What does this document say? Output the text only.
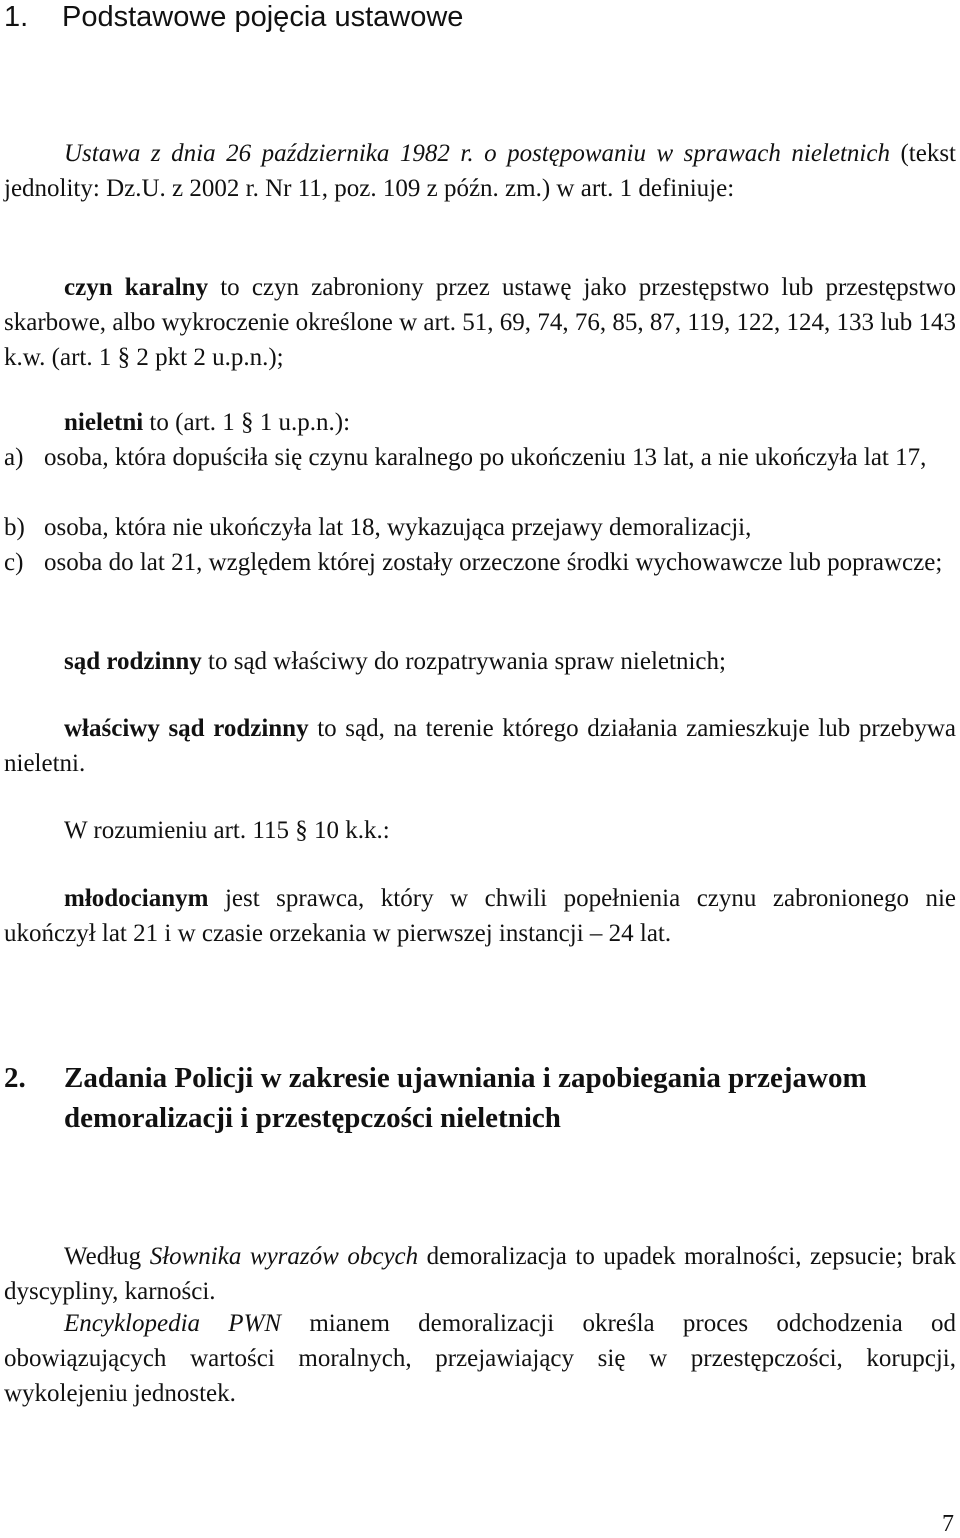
1. Podstawowe pojęcia ustawowe
Ustawa z dnia 26 października 1982 r. o postępowaniu w sprawach nieletnich (tekst jednolity: Dz.U. z 2002 r. Nr 11, poz. 109 z późn. zm.) w art. 1 definiuje:
czyn karalny to czyn zabroniony przez ustawę jako przestępstwo lub przestępstwo skarbowe, albo wykroczenie określone w art. 51, 69, 74, 76, 85, 87, 119, 122, 124, 133 lub 143 k.w. (art. 1 § 2 pkt 2 u.p.n.);
nieletni to (art. 1 § 1 u.p.n.):
a) osoba, która dopuściła się czynu karalnego po ukończeniu 13 lat, a nie ukończyła lat 17,
b) osoba, która nie ukończyła lat 18, wykazująca przejawy demoralizacji,
c) osoba do lat 21, względem której zostały orzeczone środki wychowawcze lub poprawcze;
sąd rodzinny to sąd właściwy do rozpatrywania spraw nieletnich;
właściwy sąd rodzinny to sąd, na terenie którego działania zamieszkuje lub przebywa nieletni.
W rozumieniu art. 115 § 10 k.k.:
młodocianym jest sprawca, który w chwili popełnienia czynu zabronionego nie ukończył lat 21 i w czasie orzekania w pierwszej instancji – 24 lat.
2. Zadania Policji w zakresie ujawniania i zapobiegania przejawom demoralizacji i przestępczości nieletnich
Według Słownika wyrazów obcych demoralizacja to upadek moralności, zepsucie; brak dyscypliny, karności.
Encyklopedia PWN mianem demoralizacji określa proces odchodzenia od obowiązujących wartości moralnych, przejawiający się w przestępczości, korupcji, wykolejeniu jednostek.
7
